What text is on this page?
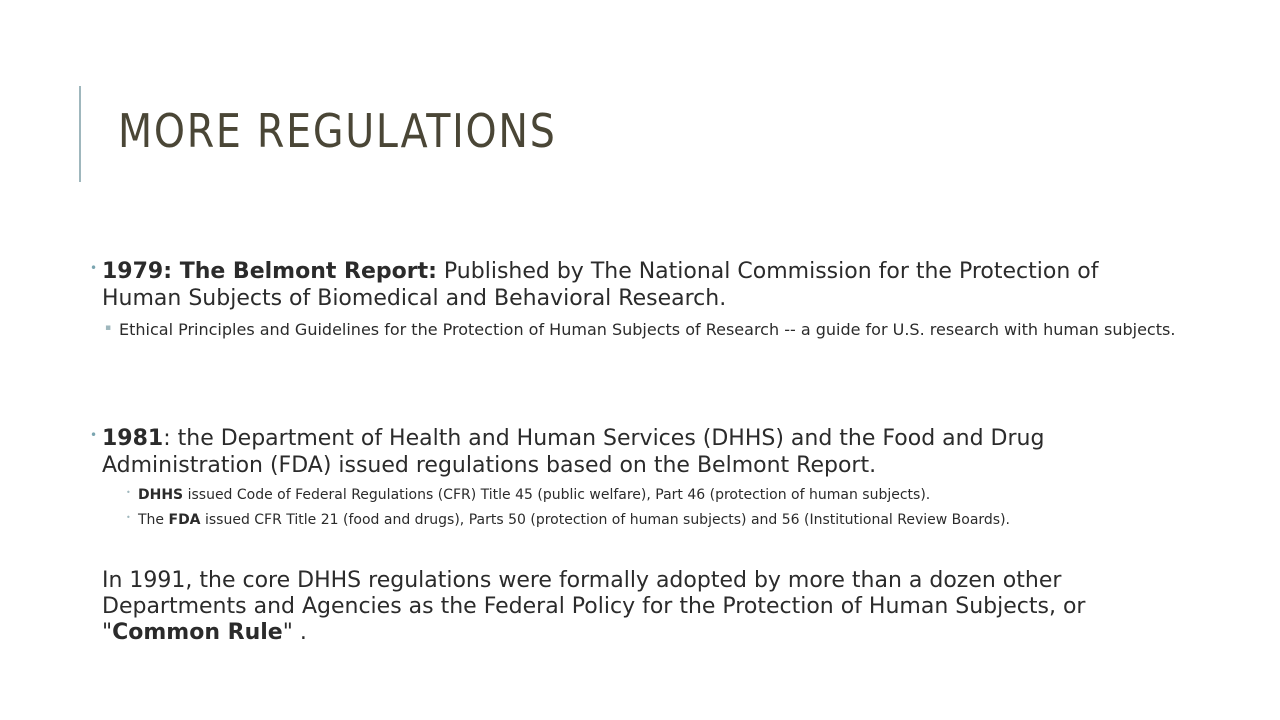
MORE REGULATIONS
• 1979: The Belmont Report: Published by The National Commission for the Protection of Human Subjects of Biomedical and Behavioral Research.
▪ Ethical Principles and Guidelines for the Protection of Human Subjects of Research -- a guide for U.S. research with human subjects.
• 1981: the Department of Health and Human Services (DHHS) and the Food and Drug Administration (FDA) issued regulations based on the Belmont Report.
• DHHS issued Code of Federal Regulations (CFR) Title 45 (public welfare), Part 46 (protection of human subjects).
• The FDA issued CFR Title 21 (food and drugs), Parts 50 (protection of human subjects) and 56 (Institutional Review Boards).
In 1991, the core DHHS regulations were formally adopted by more than a dozen other Departments and Agencies as the Federal Policy for the Protection of Human Subjects, or "Common Rule" .
